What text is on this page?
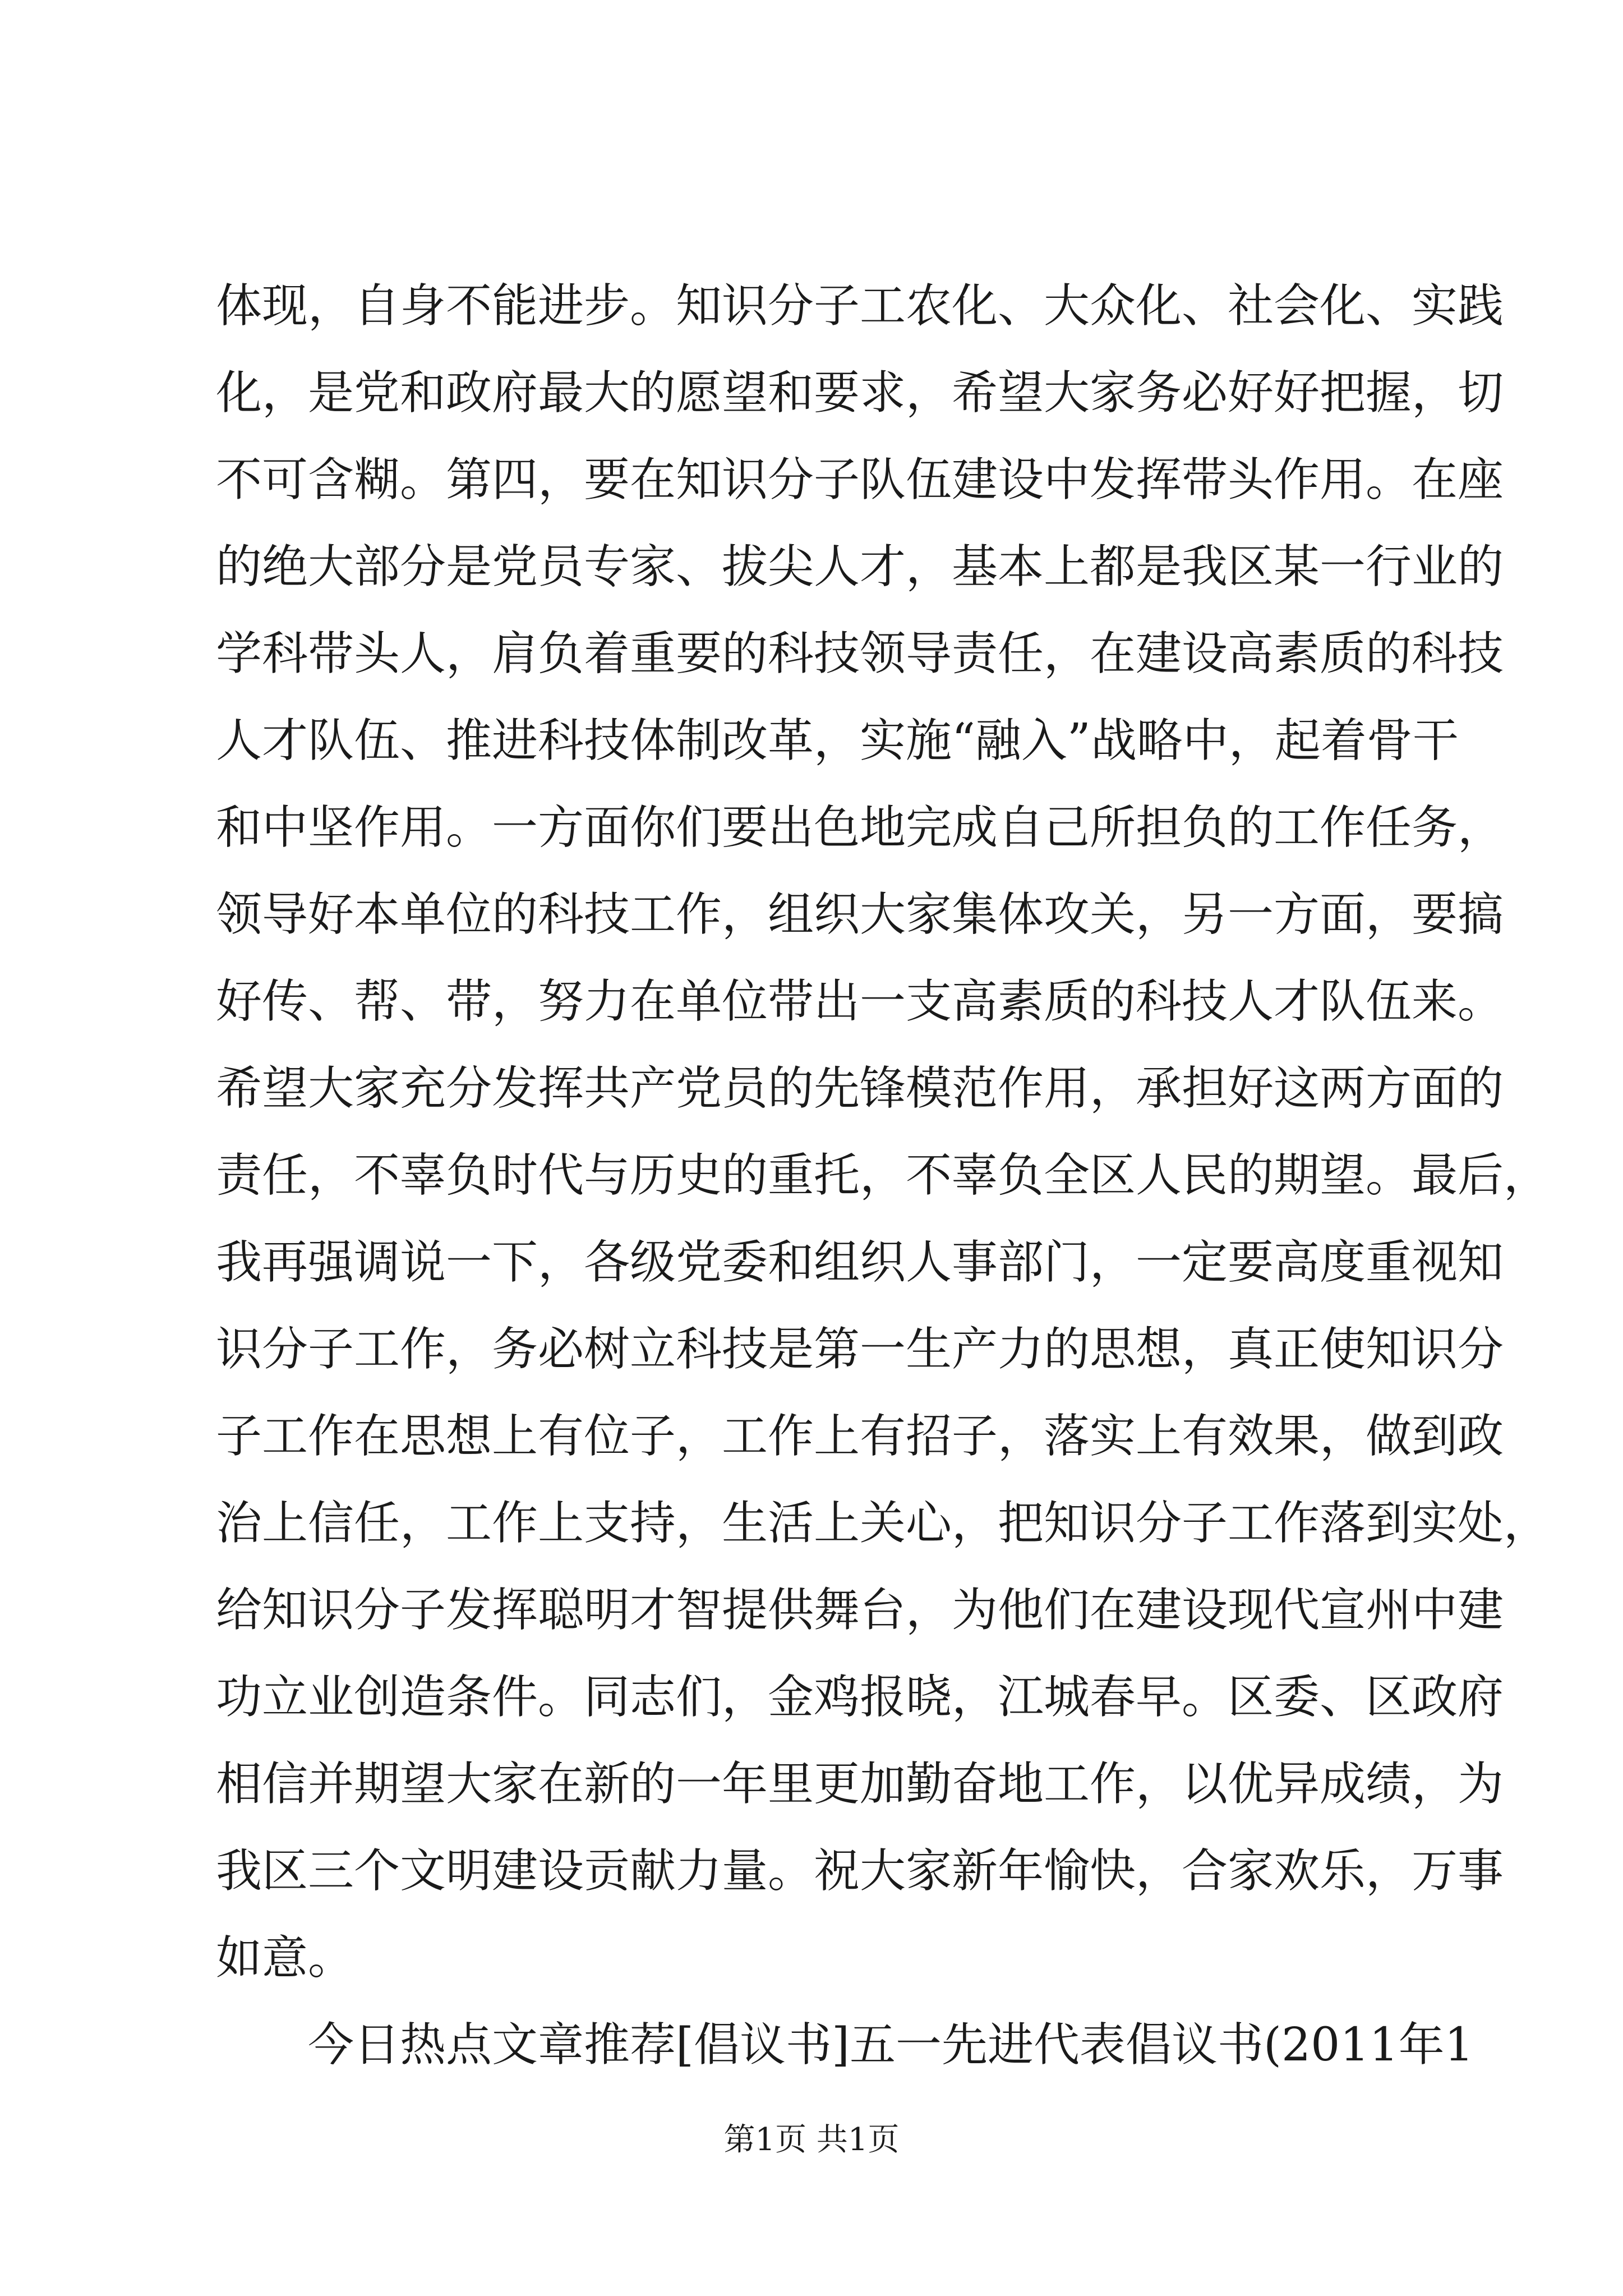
体现，自身不能进步。知识分子工农化、大众化、社会化、实践
化，是党和政府最大的愿望和要求，希望大家务必好好把握，切
不可含糊。第四，要在知识分子队伍建设中发挥带头作用。在座
的绝大部分是党员专家、拔尖人才，基本上都是我区某一行业的
学科带头人，肩负着重要的科技领导责任，在建设高素质的科技
人才队伍、推进科技体制改革，实施“融入”战略中，起着骨干
和中坚作用。一方面你们要出色地完成自己所担负的工作任务，
领导好本单位的科技工作，组织大家集体攻关，另一方面，要搞
好传、帮、带，努力在单位带出一支高素质的科技人才队伍来。
希望大家充分发挥共产党员的先锋模范作用，承担好这两方面的
责任，不辜负时代与历史的重托，不辜负全区人民的期望。最后，
我再强调说一下，各级党委和组织人事部门，一定要高度重视知
识分子工作，务必树立科技是第一生产力的思想，真正使知识分
子工作在思想上有位子，工作上有招子，落实上有效果，做到政
治上信任，工作上支持，生活上关心，把知识分子工作落到实处，
给知识分子发挥聪明才智提供舞台，为他们在建设现代宣州中建
功立业创造条件。同志们，金鸡报晓，江城春早。区委、区政府
相信并期望大家在新的一年里更加勤奋地工作，以优异成绩，为
我区三个文明建设贡献力量。祝大家新年愉快，合家欢乐，万事
如意。
今日热点文章推荐[倡议书]五一先进代表倡议书(2011年1
第1页 共1页
